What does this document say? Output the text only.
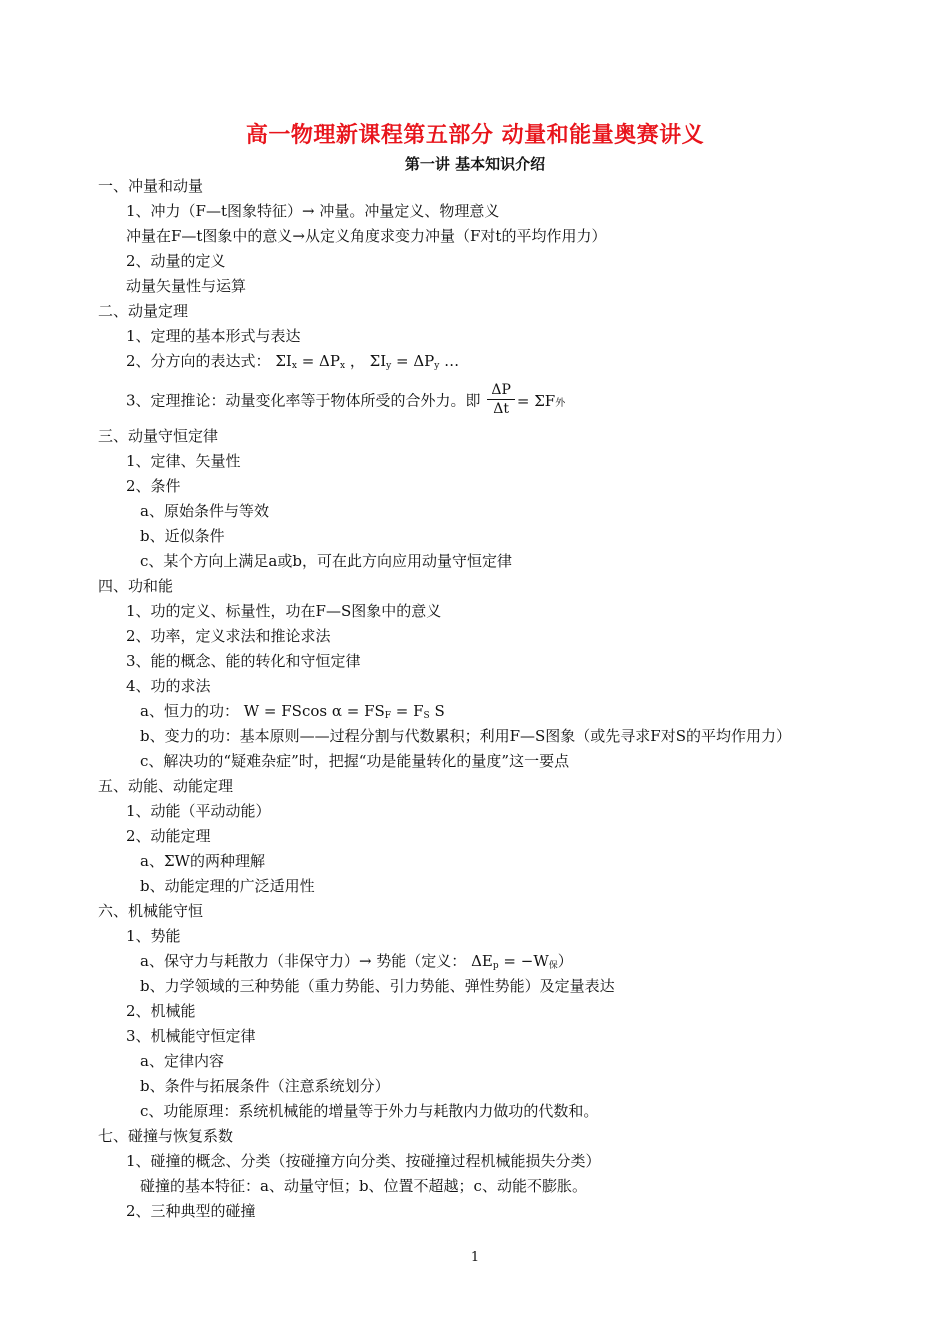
高一物理新课程第五部分 动量和能量奥赛讲义
第一讲 基本知识介绍
一、冲量和动量
1、冲力（F—t图象特征）→ 冲量。冲量定义、物理意义
冲量在F—t图象中的意义→从定义角度求变力冲量（F对t的平均作用力）
2、动量的定义
动量矢量性与运算
二、动量定理
1、定理的基本形式与表达
2、分方向的表达式： $\Sigma I_x = \Delta P_x$ ， $\Sigma I_y = \Delta P_y$ …
3、定理推论：动量变化率等于物体所受的合外力。即 $\frac{\Delta P}{\Delta t} = \Sigma F$外
三、动量守恒定律
1、定律、矢量性
2、条件
a、原始条件与等效
b、近似条件
c、某个方向上满足a或b，可在此方向应用动量守恒定律
四、功和能
1、功的定义、标量性，功在F—S图象中的意义
2、功率，定义求法和推论求法
3、能的概念、能的转化和守恒定律
4、功的求法
a、恒力的功： W = FScos $\alpha = FS_F = F_S$ S
b、变力的功：基本原则——过程分割与代数累积；利用F—S图象（或先寻求F对S的平均作用力）
c、解决功的“疑难杂症”时，把握“功是能量转化的量度”这一要点
五、动能、动能定理
1、动能（平动动能）
2、动能定理
a、ΣW的两种理解
b、动能定理的广泛适用性
六、机械能守恒
1、势能
a、保守力与耗散力（非保守力）→ 势能（定义： $\Delta E_p = -W_保$）
b、力学领域的三种势能（重力势能、引力势能、弹性势能）及定量表达
2、机械能
3、机械能守恒定律
a、定律内容
b、条件与拓展条件（注意系统划分）
c、功能原理：系统机械能的增量等于外力与耗散内力做功的代数和。
七、碰撞与恢复系数
1、碰撞的概念、分类（按碰撞方向分类、按碰撞过程机械能损失分类）
碰撞的基本特征：a、动量守恒；b、位置不超越；c、动能不膨胀。
2、三种典型的碰撞
1
